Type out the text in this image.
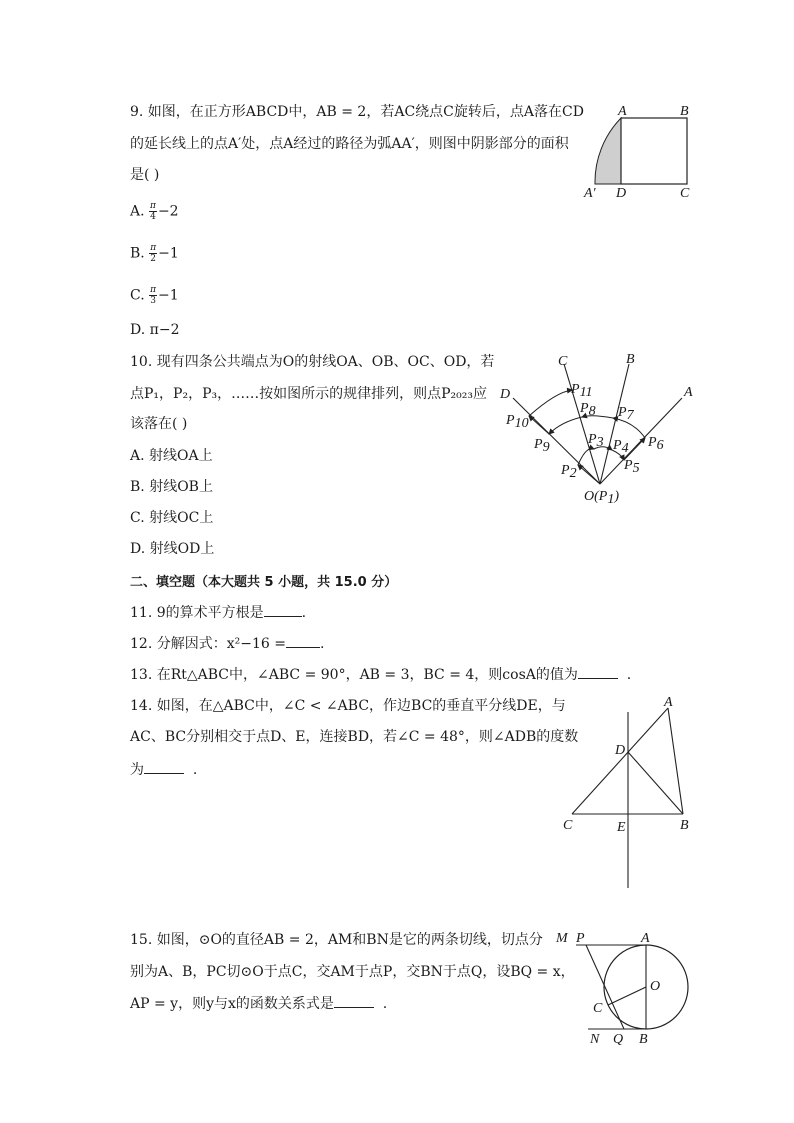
9. 如图，在正方形ABCD中，AB = 2，若AC绕点C旋转后，点A落在CD
的延长线上的点A′处，点A经过的路径为弧AA′，则图中阴影部分的面积
是( )
A. $\frac{\pi}{4} -2$
B. $\frac{\pi}{2} -1$
C. $\frac{\pi}{3} -1$
D. π−2
A	B
C
D
A′
10. 现有四条公共端点为O的射线OA、OB、OC、OD，若
点P₁，P₂，P₃，……按如图所示的规律排列，则点P₂₀₂₃应
该落在( )
A. 射线OA上
B. 射线OB上
C. 射线OC上
D. 射线OD上
A
B
C
D
O(P1)
P2
P3 P4
P5
P6
P7
P8
P9
P10
P11
二、填空题（本大题共 5 小题，共 15.0 分）
11. 9的算术平方根是	.
12. 分解因式：x²−16 = .
13. 在Rt△ABC中，∠ABC = 90°，AB = 3，BC = 4，则cosA的值为	.
14. 如图，在△ABC中，∠C < ∠ABC，作边BC的垂直平分线DE，与
AC、BC分别相交于点D、E，连接BD，若∠C = 48°，则∠ADB的度数
为	.
A
B
C
D
E
15. 如图，⊙O的直径AB = 2，AM和BN是它的两条切线，切点分
别为A、B，PC切⊙O于点C，交AM于点P，交BN于点Q，设BQ = x，
AP = y，则y与x的函数关系式是	.
M P	A
O
C
N Q B
